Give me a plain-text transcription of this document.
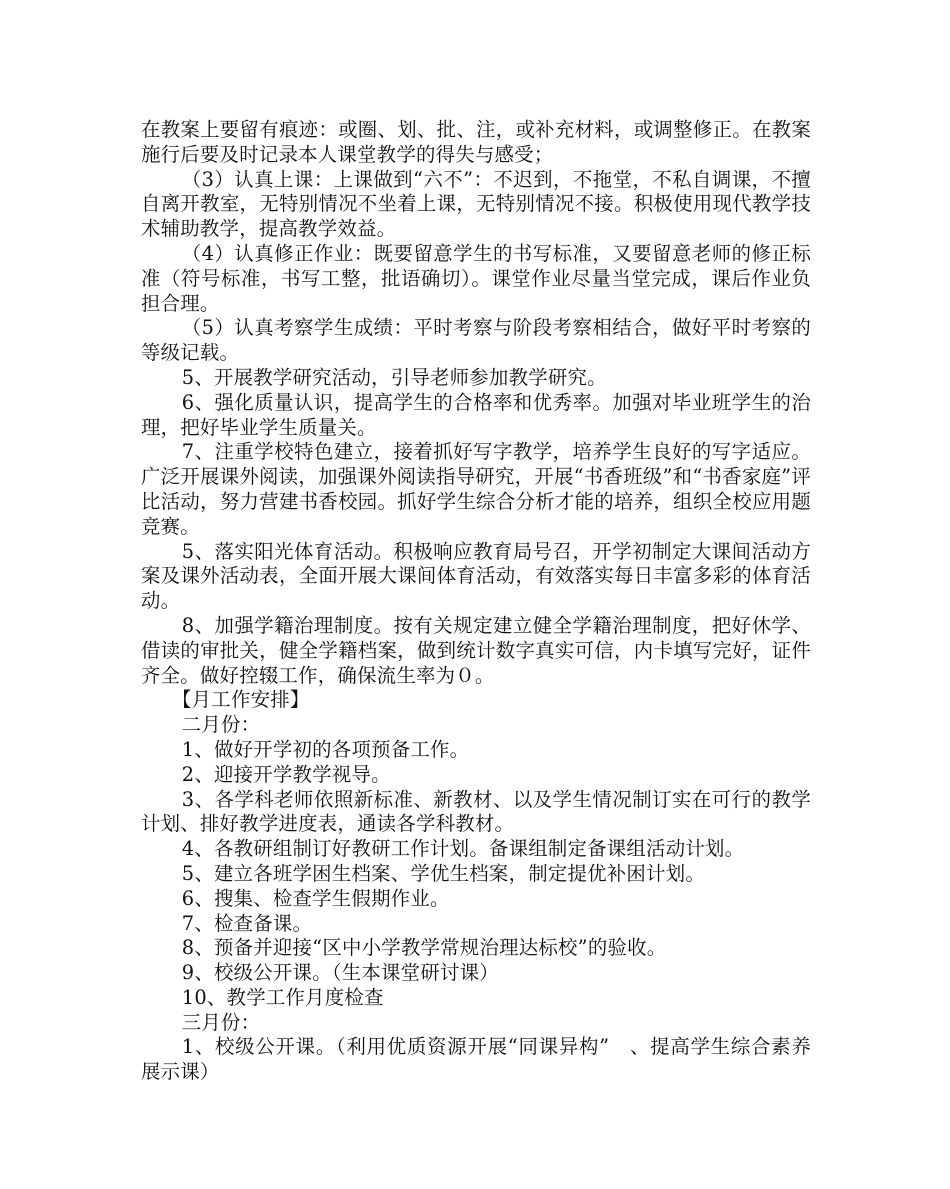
在教案上要留有痕迹：或圈、划、批、注，或补充材料，或调整修正。在教案施行后要及时记录本人课堂教学的得失与感受；

（3）认真上课：上课做到“六不”：不迟到，不拖堂，不私自调课，不擅自离开教室，无特别情况不坐着上课，无特别情况不接。积极使用现代教学技术辅助教学，提高教学效益。

（4）认真修正作业：既要留意学生的书写标准，又要留意老师的修正标准（符号标准，书写工整，批语确切）。课堂作业尽量当堂完成，课后作业负担合理。

（5）认真考察学生成绩：平时考察与阶段考察相结合，做好平时考察的等级记载。

5、开展教学研究活动，引导老师参加教学研究。

6、强化质量认识，提高学生的合格率和优秀率。加强对毕业班学生的治理，把好毕业学生质量关。

7、注重学校特色建立，接着抓好写字教学，培养学生良好的写字适应。广泛开展课外阅读，加强课外阅读指导研究，开展“书香班级”和“书香家庭”评比活动，努力营建书香校园。抓好学生综合分析才能的培养，组织全校应用题竞赛。

5、落实阳光体育活动。积极响应教育局号召，开学初制定大课间活动方案及课外活动表，全面开展大课间体育活动，有效落实每日丰富多彩的体育活动。

8、加强学籍治理制度。按有关规定建立健全学籍治理制度，把好休学、借读的审批关，健全学籍档案，做到统计数字真实可信，内卡填写完好，证件齐全。做好控辍工作，确保流生率为０。

【月工作安排】

二月份：

1、做好开学初的各项预备工作。

2、迎接开学教学视导。

3、各学科老师依照新标准、新教材、以及学生情况制订实在可行的教学计划、排好教学进度表，通读各学科教材。

4、各教研组制订好教研工作计划。备课组制定备课组活动计划。

5、建立各班学困生档案、学优生档案，制定提优补困计划。

6、搜集、检查学生假期作业。

7、检查备课。

8、预备并迎接“区中小学教学常规治理达标校”的验收。

9、校级公开课。（生本课堂研讨课）

10、教学工作月度检查

三月份：

1、校级公开课。（利用优质资源开展“同课异构”　、提高学生综合素养展示课）
